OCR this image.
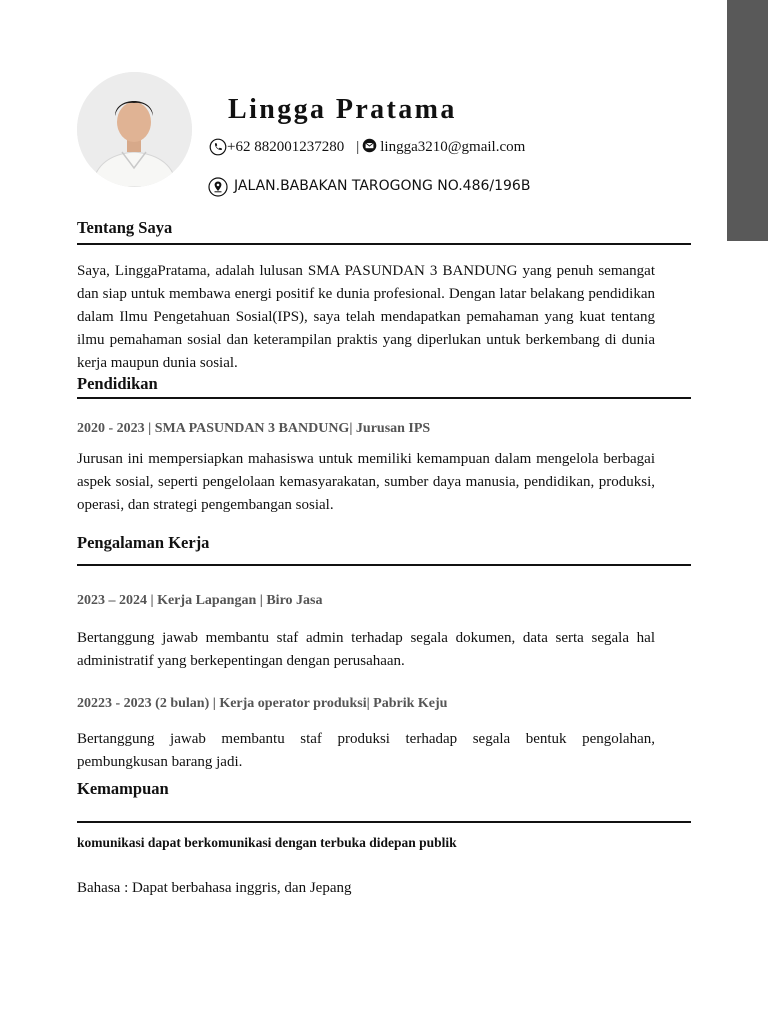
Lingga Pratama
+62 882001237280 | lingga3210@gmail.com
JALAN.BABAKAN TAROGONG NO.486/196B
Tentang Saya

Saya, LinggaPratama, adalah lulusan SMA PASUNDAN 3 BANDUNG yang penuh semangat dan siap untuk membawa energi positif ke dunia profesional. Dengan latar belakang pendidikan dalam Ilmu Pengetahuan Sosial(IPS), saya telah mendapatkan pemahaman yang kuat tentang ilmu pemahaman sosial dan keterampilan praktis yang diperlukan untuk berkembang di dunia kerja maupun dunia sosial.

Pendidikan

2020 - 2023 | SMA PASUNDAN 3 BANDUNG| Jurusan IPS

Jurusan ini mempersiapkan mahasiswa untuk memiliki kemampuan dalam mengelola berbagai aspek sosial, seperti pengelolaan kemasyarakatan, sumber daya manusia, pendidikan, produksi, operasi, dan strategi pengembangan sosial.

Pengalaman Kerja

2023 – 2024 | Kerja Lapangan | Biro Jasa

Bertanggung jawab membantu staf admin terhadap segala dokumen, data serta segala hal administratif yang berkepentingan dengan perusahaan.

20223 - 2023 (2 bulan) | Kerja operator produksi| Pabrik Keju

Bertanggung jawab membantu staf produksi terhadap segala bentuk pengolahan, pembungkusan barang jadi.

Kemampuan

komunikasi dapat berkomunikasi dengan terbuka didepan publik

Bahasa : Dapat berbahasa inggris, dan Jepang
